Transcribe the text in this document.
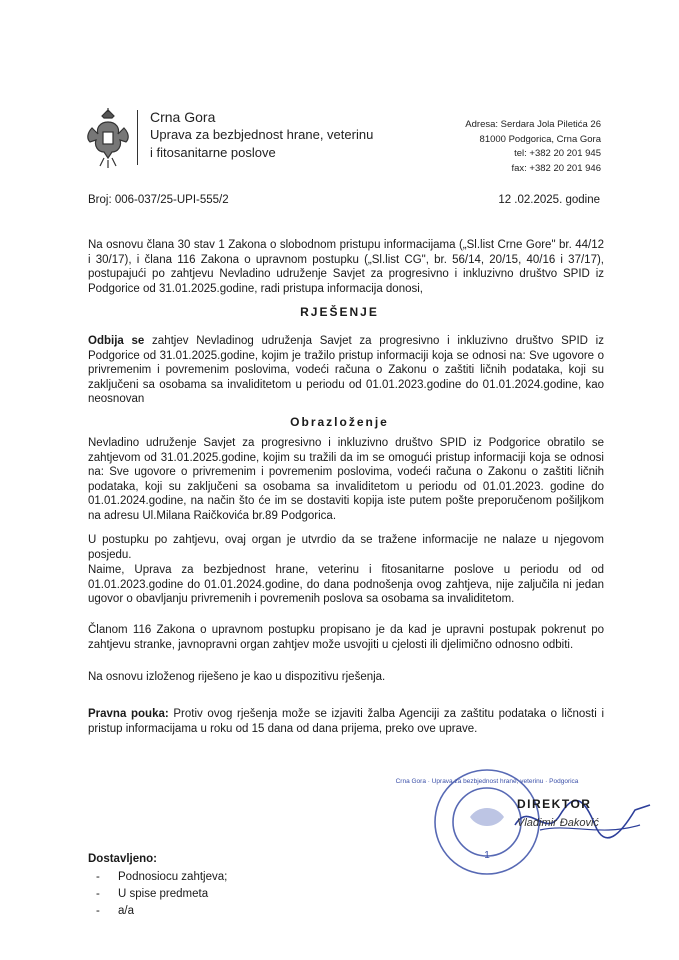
Crna Gora
Uprava za bezbjednost hrane, veterinu
i fitosanitarne poslove
Adresa: Serdara Jola Piletića 26
81000 Podgorica, Crna Gora
tel: +382 20 201 945
fax: +382 20 201 946
Broj: 006-037/25-UPI-555/2	12 .02.2025. godine
Na osnovu člana 30 stav 1 Zakona o slobodnom pristupu informacijama („Sl.list Crne Gore" br. 44/12 i 30/17), i člana 116 Zakona o upravnom postupku („Sl.list CG", br. 56/14, 20/15, 40/16 i 37/17), postupajući po zahtjevu Nevladino udruženje Savjet za progresivno i inkluzivno društvo SPID iz Podgorice od 31.01.2025.godine, radi pristupa informacija donosi,
RJEŠENJE
Odbija se zahtjev Nevladinog udruženja Savjet za progresivno i inkluzivno društvo SPID iz Podgorice od 31.01.2025.godine, kojim je tražilo pristup informaciji koja se odnosi na: Sve ugovore o privremenim i povremenim poslovima, vodeći računa o Zakonu o zaštiti ličnih podataka, koji su zaključeni sa osobama sa invaliditetom u periodu od 01.01.2023.godine do 01.01.2024.godine, kao neosnovan
Obrazloženje
Nevladino udruženje Savjet za progresivno i inkluzivno društvo SPID iz Podgorice obratilo se zahtjevom od 31.01.2025.godine, kojim su tražili da im se omogući pristup informaciji koja se odnosi na: Sve ugovore o privremenim i povremenim poslovima, vodeći računa o Zakonu o zaštiti ličnih podataka, koji su zaključeni sa osobama sa invaliditetom u periodu od 01.01.2023. godine do 01.01.2024.godine, na način što će im se dostaviti kopija iste putem pošte preporučenom pošiljkom na adresu Ul.Milana Raičkovića br.89 Podgorica.
U postupku po zahtjevu, ovaj organ je utvrdio da se tražene informacije ne nalaze u njegovom posjedu.
Naime, Uprava za bezbjednost hrane, veterinu i fitosanitarne poslove u periodu od od 01.01.2023.godine do 01.01.2024.godine, do dana podnošenja ovog zahtjeva, nije zaljučila ni jedan ugovor o obavljanju privremenih i povremenih poslova sa osobama sa invaliditetom.
Članom 116 Zakona o upravnom postupku propisano je da kad je upravni postupak pokrenut po zahtjevu stranke, javnopravni organ zahtjev može usvojiti u cjelosti ili djelimično odnosno odbiti.
Na osnovu izloženog riješeno je kao u dispozitivu rješenja.
Pravna pouka: Protiv ovog rješenja može se izjaviti žalba Agenciji za zaštitu podataka o ličnosti i pristup informacijama u roku od 15 dana od dana prijema, preko ove uprave.
1
Crna Gora · Uprava za bezbjednost hrane, veterinu · Podgorica
DIREKTOR
Vladimir Đaković
Dostavljeno:
-	Podnosiocu zahtjeva;
-	U spise predmeta
-	a/a
